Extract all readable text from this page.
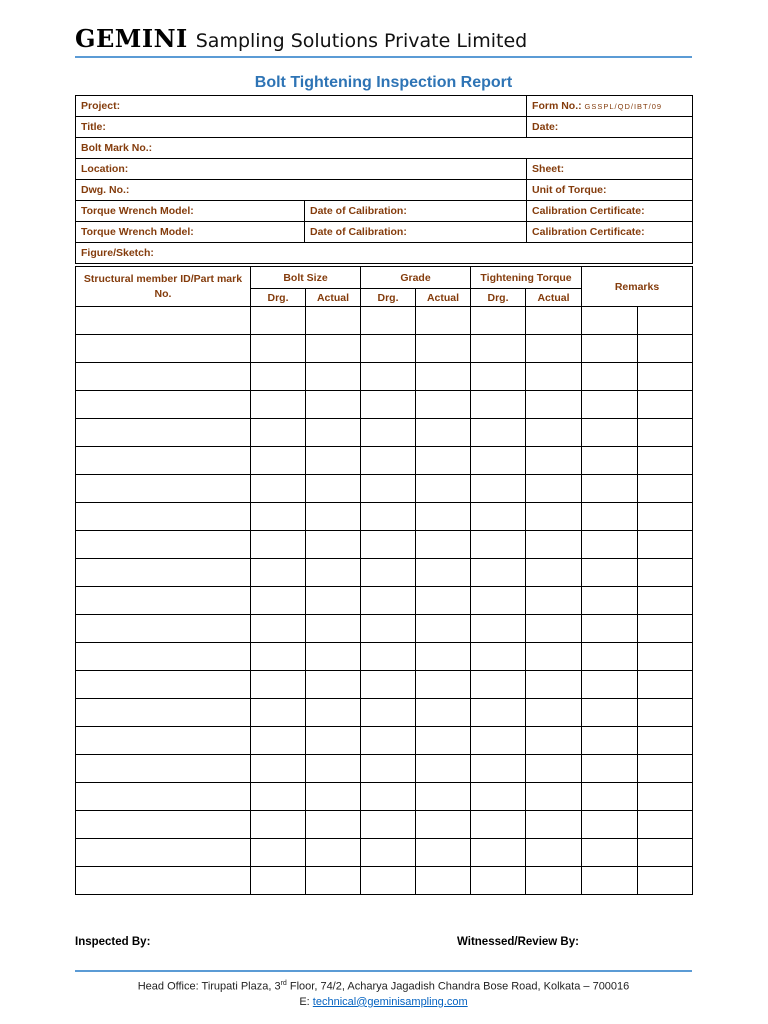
GEMINI Sampling Solutions Private Limited
Bolt Tightening Inspection Report
Project:		Form No.: GSSPL/QD/IBT/09
Title:		Date:
Bolt Mark No.:		
Location:		Sheet:
Dwg. No.:		Unit of Torque:
Torque Wrench Model:	Date of Calibration:	Calibration Certificate:
Torque Wrench Model:	Date of Calibration:	Calibration Certificate:
Figure/Sketch:		
Structural member ID/Part mark No.	Bolt Size		Grade		Tightening Torque		Remarks	
	Drg.	Actual	Drg.	Actual	Drg.	Actual		

Inspected By:	Witnessed/Review By:
Head Office: Tirupati Plaza, 3rd Floor, 74/2, Acharya Jagadish Chandra Bose Road, Kolkata – 700016
E: technical@geminisampling.com
